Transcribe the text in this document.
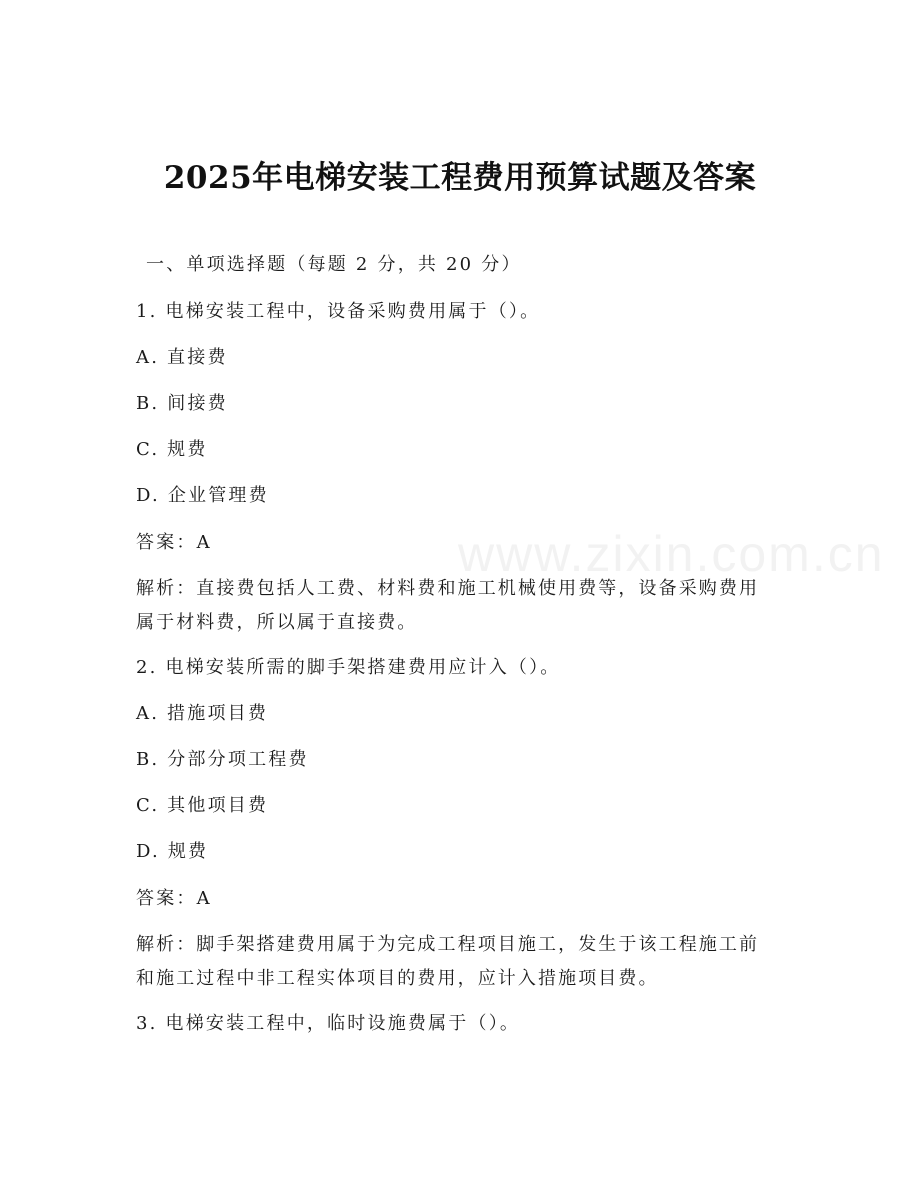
www.zixin.com.cn
2025年电梯安装工程费用预算试题及答案
一、单项选择题（每题 2 分，共 20 分）
1. 电梯安装工程中，设备采购费用属于（）。
A. 直接费
B. 间接费
C. 规费
D. 企业管理费
答案：A
解析：直接费包括人工费、材料费和施工机械使用费等，设备采购费用属于材料费，所以属于直接费。
2. 电梯安装所需的脚手架搭建费用应计入（）。
A. 措施项目费
B. 分部分项工程费
C. 其他项目费
D. 规费
答案：A
解析：脚手架搭建费用属于为完成工程项目施工，发生于该工程施工前和施工过程中非工程实体项目的费用，应计入措施项目费。
3. 电梯安装工程中，临时设施费属于（）。
